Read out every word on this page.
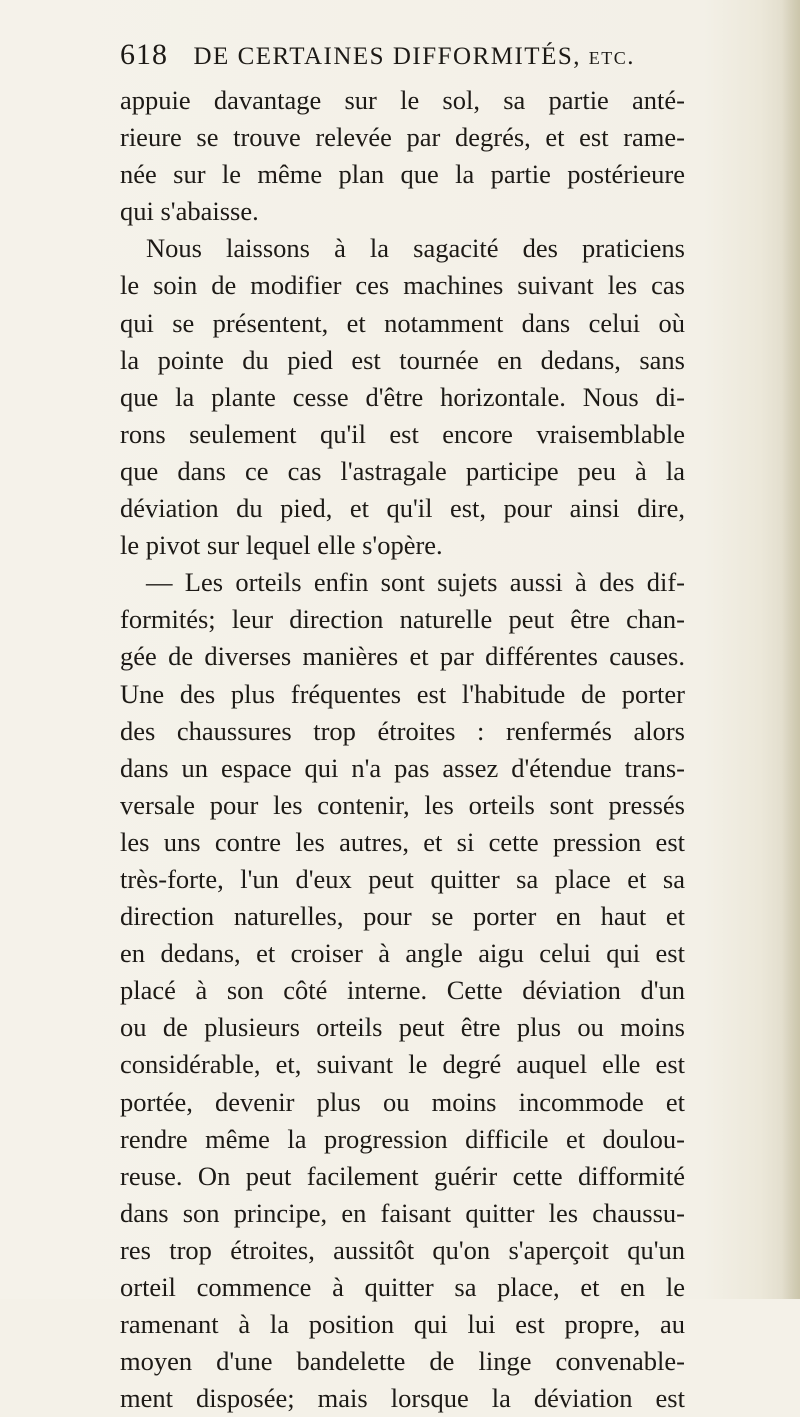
618 DE CERTAINES DIFFORMITÉS, etc.
appuie davantage sur le sol, sa partie anté-
rieure se trouve relevée par degrés, et est rame-
née sur le même plan que la partie postérieure
qui s'abaisse.
Nous laissons à la sagacité des praticiens
le soin de modifier ces machines suivant les cas
qui se présentent, et notamment dans celui où
la pointe du pied est tournée en dedans, sans
que la plante cesse d'être horizontale. Nous di-
rons seulement qu'il est encore vraisemblable
que dans ce cas l'astragale participe peu à la
déviation du pied, et qu'il est, pour ainsi dire,
le pivot sur lequel elle s'opère.
— Les orteils enfin sont sujets aussi à des dif-
formités; leur direction naturelle peut être chan-
gée de diverses manières et par différentes causes.
Une des plus fréquentes est l'habitude de porter
des chaussures trop étroites : renfermés alors
dans un espace qui n'a pas assez d'étendue trans-
versale pour les contenir, les orteils sont pressés
les uns contre les autres, et si cette pression est
très-forte, l'un d'eux peut quitter sa place et sa
direction naturelles, pour se porter en haut et
en dedans, et croiser à angle aigu celui qui est
placé à son côté interne. Cette déviation d'un
ou de plusieurs orteils peut être plus ou moins
considérable, et, suivant le degré auquel elle est
portée, devenir plus ou moins incommode et
rendre même la progression difficile et doulou-
reuse. On peut facilement guérir cette difformité
dans son principe, en faisant quitter les chaussu-
res trop étroites, aussitôt qu'on s'aperçoit qu'un
orteil commence à quitter sa place, et en le
ramenant à la position qui lui est propre, au
moyen d'une bandelette de linge convenable-
ment disposée; mais lorsque la déviation est
